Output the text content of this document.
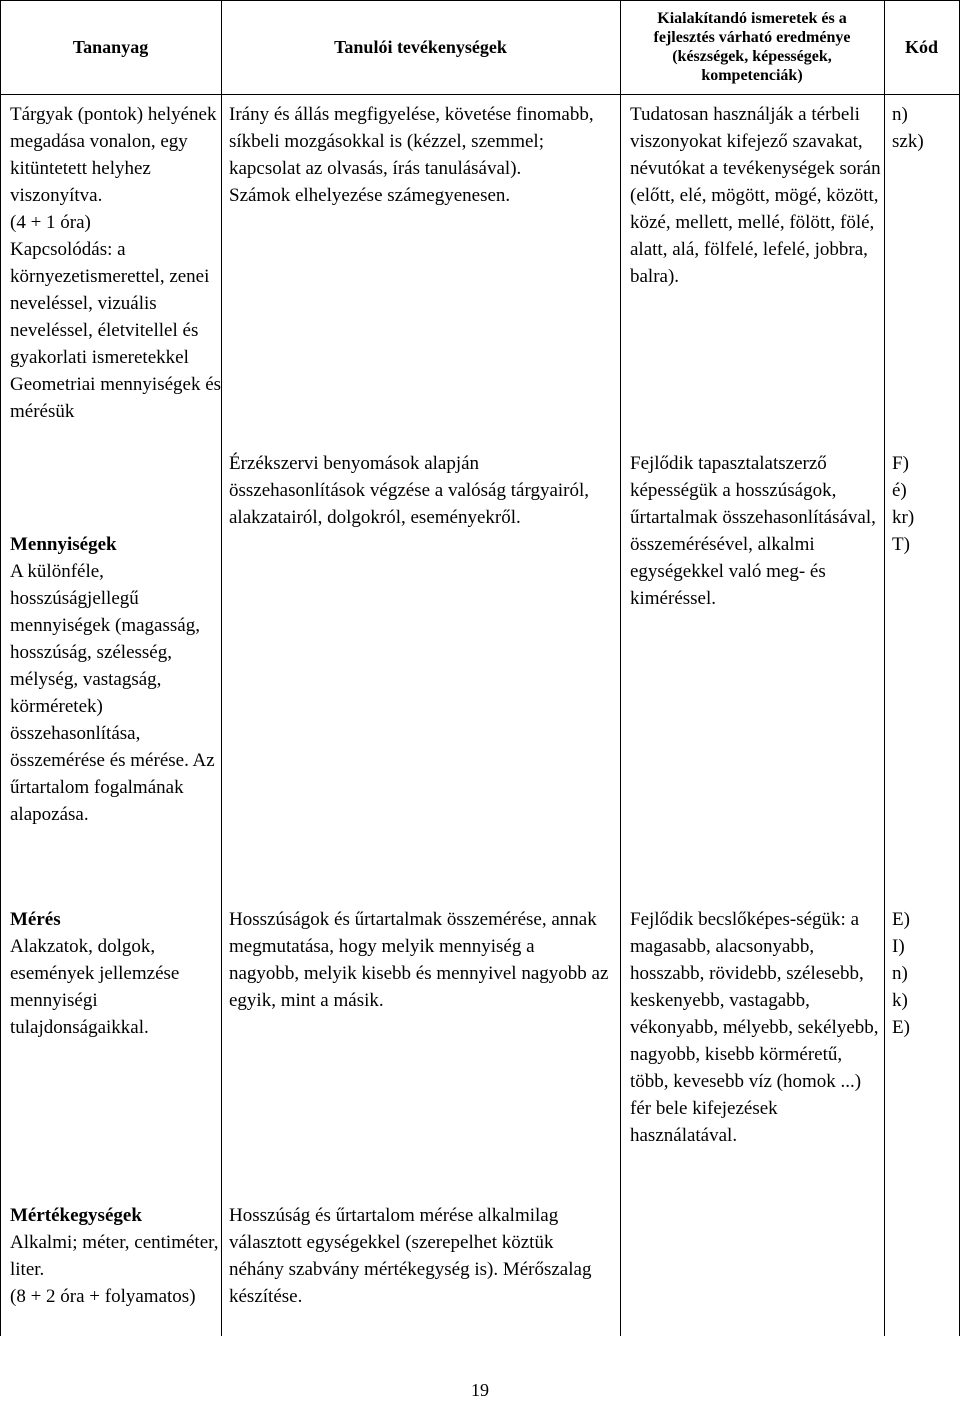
Tananyag	Tanulói tevékenységek
Kialakítandó ismeretek és a fejlesztés várható eredménye (készségek, képességek, kompetenciák)
Kód
Tárgyak (pontok) helyének megadása vonalon, egy kitüntetett helyhez viszonyítva.
(4 + 1 óra)
Kapcsolódás: a környezetismerettel, zenei neveléssel, vizuális neveléssel, életvitellel és gyakorlati ismeretekkel
Geometriai mennyiségek és mérésük
Mennyiségek
A különféle, hosszúságjellegű mennyiségek (magasság, hosszúság, szélesség, mélység, vastagság, körméretek) összehasonlítása, összemérése és mérése. Az űrtartalom fogalmának alapozása.
Mérés
Alakzatok, dolgok, események jellemzése mennyiségi tulajdonságaikkal.
Mértékegységek
Alkalmi; méter, centiméter, liter.
(8 + 2 óra + folyamatos)
Irány és állás megfigyelése, követése finomabb, síkbeli mozgásokkal is (kézzel, szemmel; kapcsolat az olvasás, írás tanulásával).
Számok elhelyezése számegyenesen.
Érzékszervi benyomások alapján összehasonlítások végzése a valóság tárgyairól, alakzatairól, dolgokról, eseményekről.
Hosszúságok és űrtartalmak összemérése, annak megmutatása, hogy melyik mennyiség a nagyobb, melyik kisebb és mennyivel nagyobb az egyik, mint a másik.
Hosszúság és űrtartalom mérése alkalmilag választott egységekkel (szerepelhet köztük néhány szabvány mértékegység is). Mérőszalag készítése.
Tudatosan használják a térbeli viszonyokat kifejező szavakat, névutókat a tevékenységek során (előtt, elé, mögött, mögé, között, közé, mellett, mellé, fölött, fölé, alatt, alá, fölfelé, lefelé, jobbra, balra).
Fejlődik tapasztalatszerző képességük a hosszúságok, űrtartalmak összehasonlításával, összemérésével, alkalmi egységekkel való meg- és kiméréssel.
Fejlődik becslőképes-ségük: a magasabb, alacsonyabb, hosszabb, rövidebb, szélesebb, keskenyebb, vastagabb, vékonyabb, mélyebb, sekélyebb, nagyobb, kisebb körméretű, több, kevesebb víz (homok ...) fér bele kifejezések használatával.
n)
szk)
F)
é)
kr)
T)
E)
I)
n)
k)
E)
19
